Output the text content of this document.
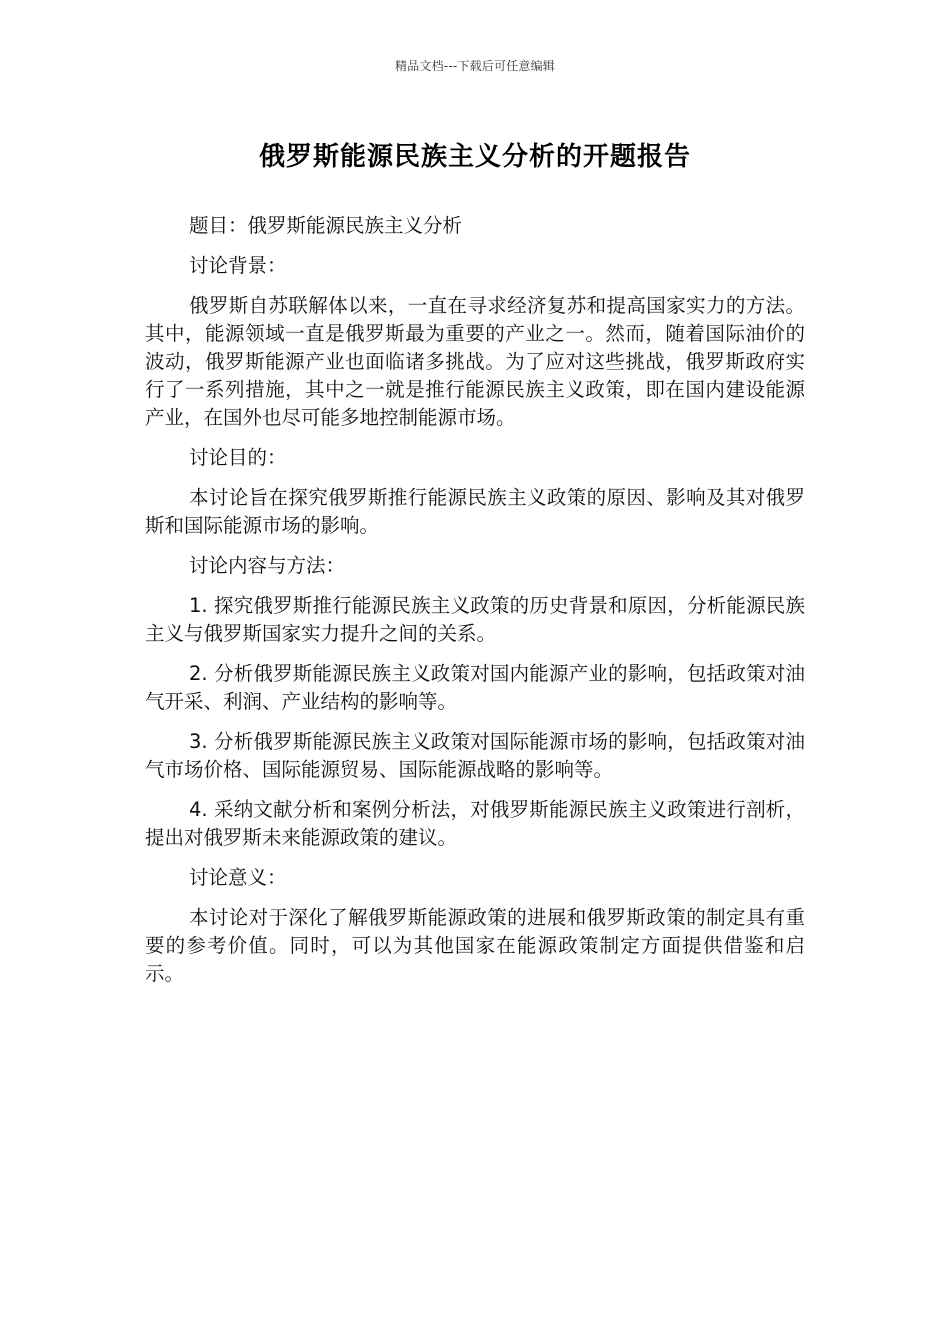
精品文档---下载后可任意编辑
俄罗斯能源民族主义分析的开题报告

题目：俄罗斯能源民族主义分析

讨论背景：

俄罗斯自苏联解体以来，一直在寻求经济复苏和提高国家实力的方法。其中，能源领域一直是俄罗斯最为重要的产业之一。然而，随着国际油价的波动，俄罗斯能源产业也面临诸多挑战。为了应对这些挑战，俄罗斯政府实行了一系列措施，其中之一就是推行能源民族主义政策，即在国内建设能源产业，在国外也尽可能多地控制能源市场。

讨论目的：

本讨论旨在探究俄罗斯推行能源民族主义政策的原因、影响及其对俄罗斯和国际能源市场的影响。

讨论内容与方法：

1. 探究俄罗斯推行能源民族主义政策的历史背景和原因，分析能源民族主义与俄罗斯国家实力提升之间的关系。

2. 分析俄罗斯能源民族主义政策对国内能源产业的影响，包括政策对油气开采、利润、产业结构的影响等。

3. 分析俄罗斯能源民族主义政策对国际能源市场的影响，包括政策对油气市场价格、国际能源贸易、国际能源战略的影响等。

4. 采纳文献分析和案例分析法，对俄罗斯能源民族主义政策进行剖析，提出对俄罗斯未来能源政策的建议。

讨论意义：

本讨论对于深化了解俄罗斯能源政策的进展和俄罗斯政策的制定具有重要的参考价值。同时，可以为其他国家在能源政策制定方面提供借鉴和启示。
